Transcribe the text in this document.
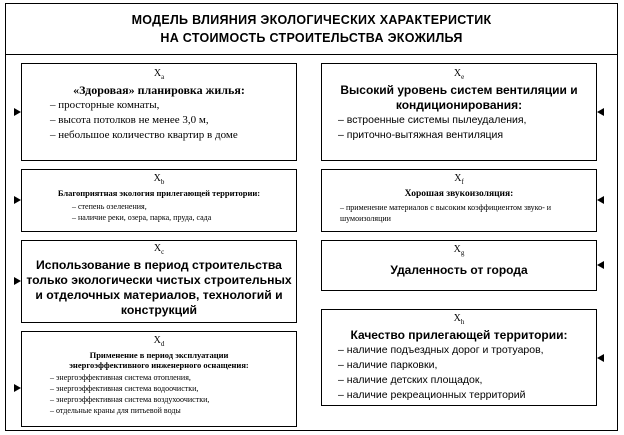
МОДЕЛЬ ВЛИЯНИЯ ЭКОЛОГИЧЕСКИХ ХАРАКТЕРИСТИК
НА СТОИМОСТЬ СТРОИТЕЛЬСТВА ЭКОЖИЛЬЯ
$X_a$
«Здоровая» планировка жилья:
– просторные комнаты,
– высота потолков не менее 3,0 м,
– небольшое количество квартир в доме
$X_b$
Благоприятная экология прилегающей территории:
– степень озеленения,
– наличие реки, озера, парка, пруда, сада
$X_c$
Использование в период строительства только экологически чистых строительных и отделочных материалов, технологий и конструкций
$X_d$
Применение в период эксплуатации энергоэффективного инженерного оснащения:
– энергоэффективная система отопления,
– энергоэффективная система водоочистки,
– энергоэффективная система воздухоочистки,
– отдельные краны для питьевой воды
$X_e$
Высокий уровень систем вентиляции и кондиционирования:
– встроенные системы пылеудаления,
– приточно-вытяжная вентиляция
$X_f$
Хорошая звукоизоляция:
– применение материалов с высоким коэффициентом звуко- и шумоизоляции
$X_g$
Удаленность от города
$X_h$
Качество прилегающей территории:
– наличие подъездных дорог и тротуаров,
– наличие парковки,
– наличие детских площадок,
– наличие рекреационных территорий
